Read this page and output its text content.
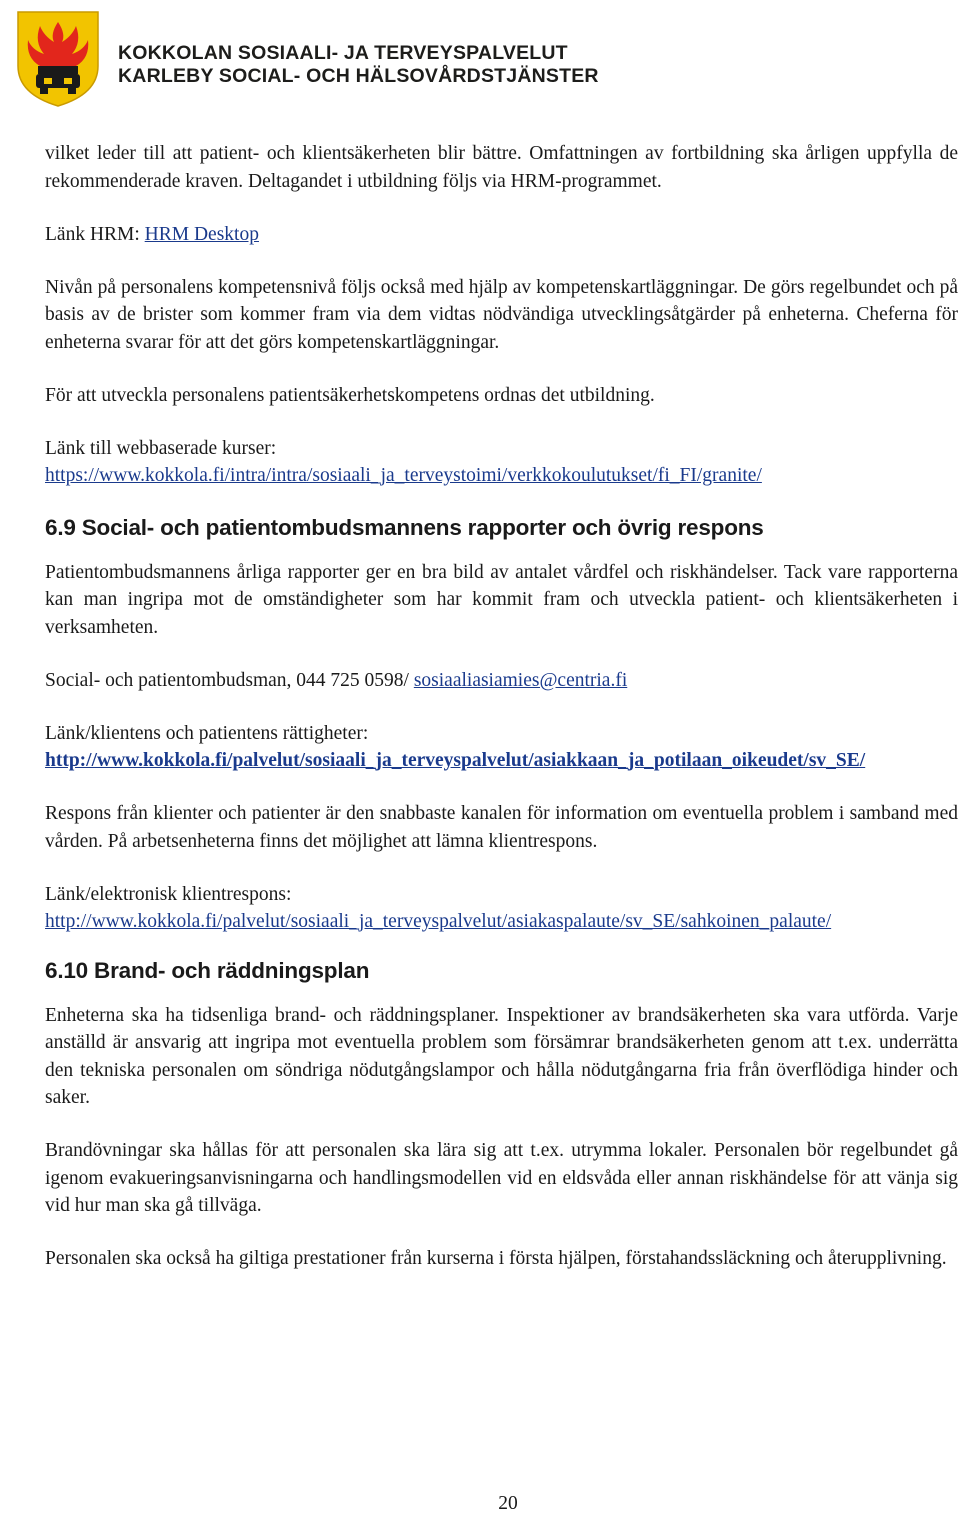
KOKKOLAN SOSIAALI- JA TERVEYSPALVELUT
KARLEBY SOCIAL- OCH HÄLSOVÅRDSTJÄNSTER

vilket leder till att patient- och klientsäkerheten blir bättre. Omfattningen av fortbildning ska årligen uppfylla de rekommenderade kraven. Deltagandet i utbildning följs via HRM-programmet.

Länk HRM: HRM Desktop

Nivån på personalens kompetensnivå följs också med hjälp av kompetenskartläggningar. De görs regelbundet och på basis av de brister som kommer fram via dem vidtas nödvändiga utvecklingsåtgärder på enheterna. Cheferna för enheterna svarar för att det görs kompetenskartläggningar.

För att utveckla personalens patientsäkerhetskompetens ordnas det utbildning.

Länk till webbaserade kurser:

https://www.kokkola.fi/intra/intra/sosiaali_ja_terveystoimi/verkkokoulutukset/fi_FI/granite/

6.9 Social- och patientombudsmannens rapporter och övrig respons

Patientombudsmannens årliga rapporter ger en bra bild av antalet vårdfel och riskhändelser. Tack vare rapporterna kan man ingripa mot de omständigheter som har kommit fram och utveckla patient- och klientsäkerheten i verksamheten.

Social- och patientombudsman, 044 725 0598/ sosiaaliasiamies@centria.fi

Länk/klientens och patientens rättigheter:

http://www.kokkola.fi/palvelut/sosiaali_ja_terveyspalvelut/asiakkaan_ja_potilaan_oikeudet/sv_SE/

Respons från klienter och patienter är den snabbaste kanalen för information om eventuella problem i samband med vården. På arbetsenheterna finns det möjlighet att lämna klientrespons.

Länk/elektronisk klientrespons:

http://www.kokkola.fi/palvelut/sosiaali_ja_terveyspalvelut/asiakaspalaute/sv_SE/sahkoinen_palaute/

6.10 Brand- och räddningsplan

Enheterna ska ha tidsenliga brand- och räddningsplaner. Inspektioner av brandsäkerheten ska vara utförda. Varje anställd är ansvarig att ingripa mot eventuella problem som försämrar brandsäkerheten genom att t.ex. underrätta den tekniska personalen om söndriga nödutgångslampor och hålla nödutgångarna fria från överflödiga hinder och saker.

Brandövningar ska hållas för att personalen ska lära sig att t.ex. utrymma lokaler. Personalen bör regelbundet gå igenom evakueringsanvisningarna och handlingsmodellen vid en eldsvåda eller annan riskhändelse för att vänja sig vid hur man ska gå tillväga.

Personalen ska också ha giltiga prestationer från kurserna i första hjälpen, förstahandssläckning och återupplivning.

20
